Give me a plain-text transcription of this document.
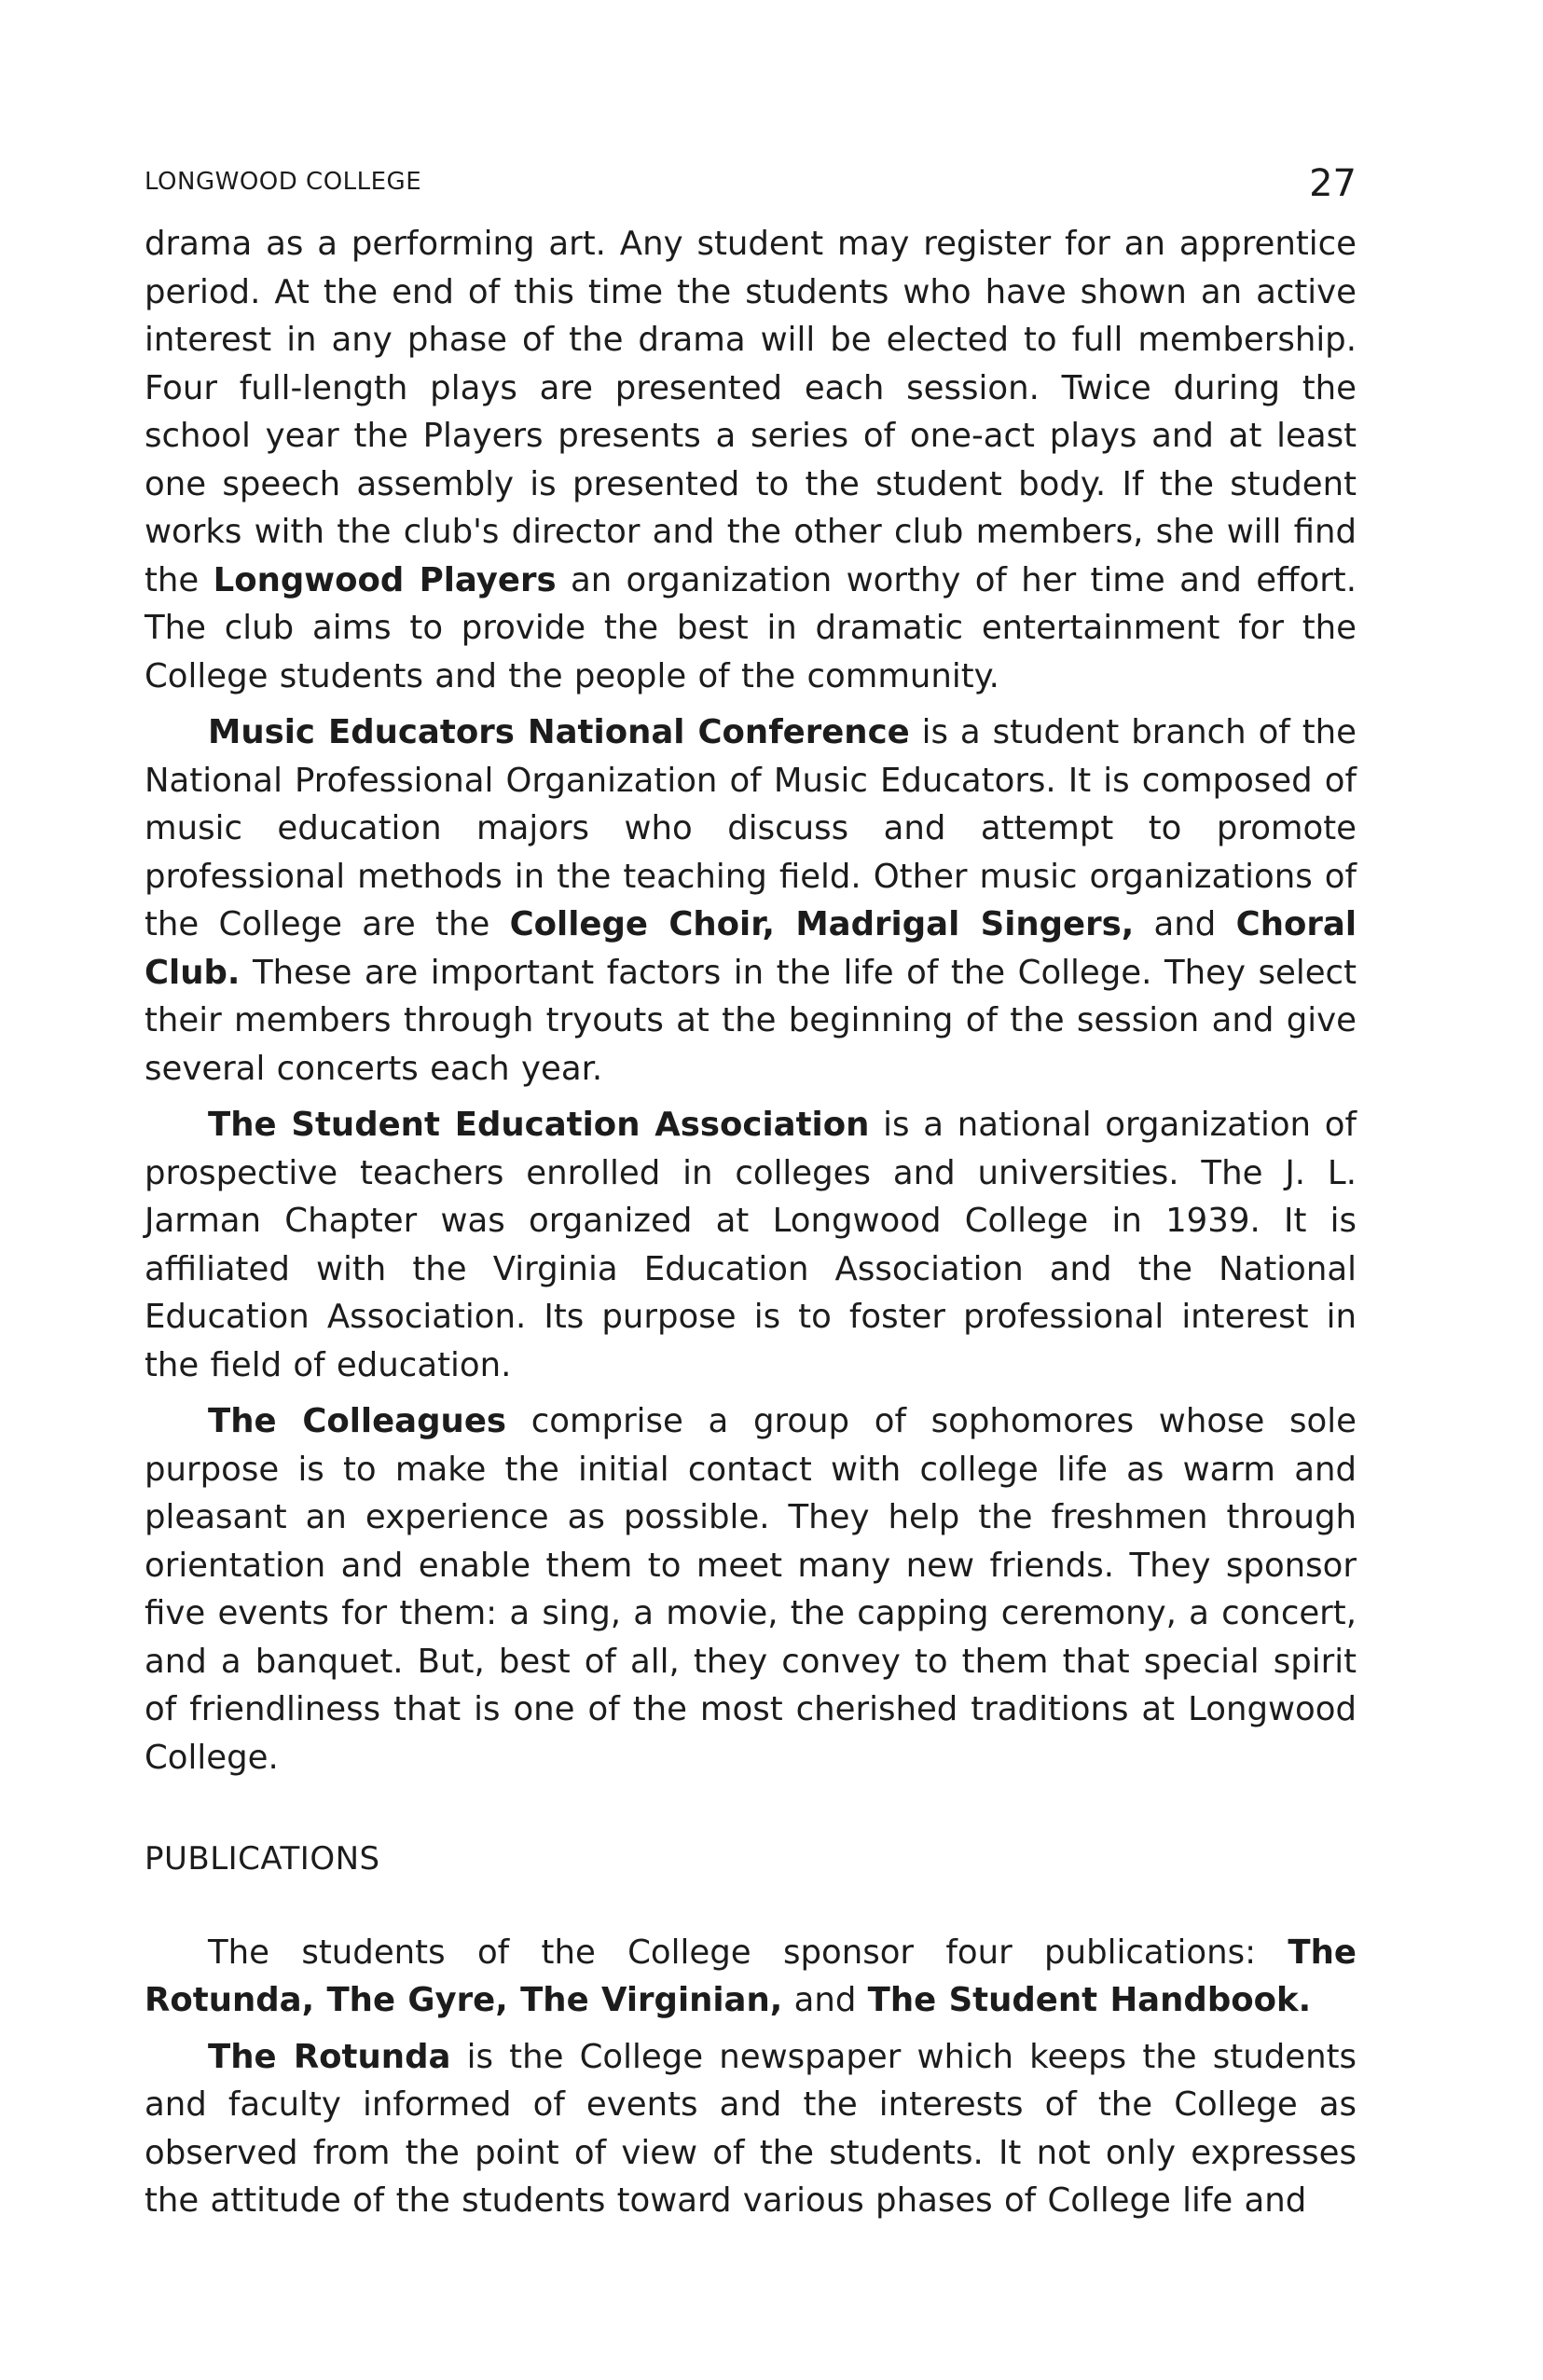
LONGWOOD COLLEGE	27

drama as a performing art. Any student may register for an apprentice period. At the end of this time the students who have shown an active interest in any phase of the drama will be elected to full membership. Four full-length plays are presented each session. Twice during the school year the Players presents a series of one-act plays and at least one speech assembly is presented to the student body. If the student works with the club's director and the other club members, she will find the Longwood Players an organization worthy of her time and effort. The club aims to provide the best in dramatic entertainment for the College students and the people of the community.

Music Educators National Conference is a student branch of the National Professional Organization of Music Educators. It is composed of music education majors who discuss and attempt to promote professional methods in the teaching field. Other music organizations of the College are the College Choir, Madrigal Singers, and Choral Club. These are important factors in the life of the College. They select their members through tryouts at the beginning of the session and give several concerts each year.

The Student Education Association is a national organization of prospective teachers enrolled in colleges and universities. The J. L. Jarman Chapter was organized at Longwood College in 1939. It is affiliated with the Virginia Education Association and the National Education Association. Its purpose is to foster professional interest in the field of education.

The Colleagues comprise a group of sophomores whose sole purpose is to make the initial contact with college life as warm and pleasant an experience as possible. They help the freshmen through orientation and enable them to meet many new friends. They sponsor five events for them: a sing, a movie, the capping ceremony, a concert, and a banquet. But, best of all, they convey to them that special spirit of friendliness that is one of the most cherished traditions at Longwood College.

PUBLICATIONS

The students of the College sponsor four publications: The Rotunda, The Gyre, The Virginian, and The Student Handbook.

The Rotunda is the College newspaper which keeps the students and faculty informed of events and the interests of the College as observed from the point of view of the students. It not only expresses the attitude of the students toward various phases of College life and
